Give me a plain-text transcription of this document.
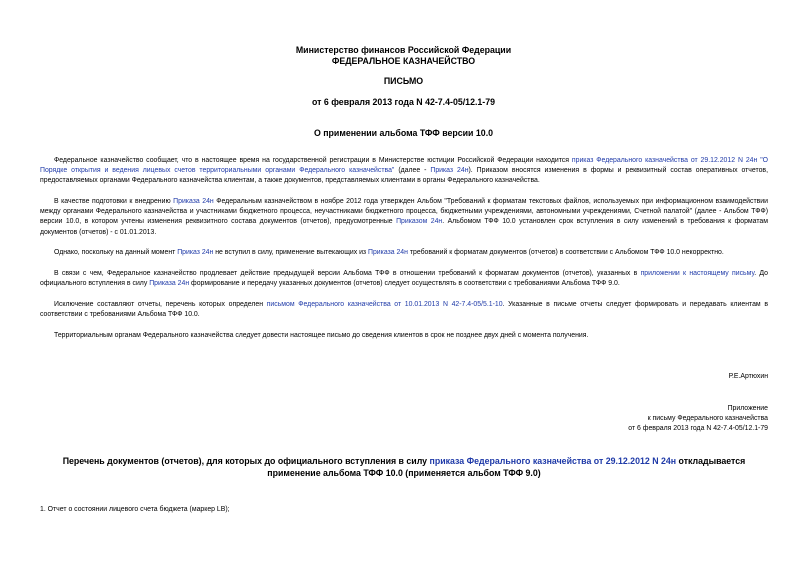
Министерство финансов Российской Федерации
ФЕДЕРАЛЬНОЕ КАЗНАЧЕЙСТВО
ПИСЬМО
от 6 февраля 2013 года N 42-7.4-05/12.1-79
О применении альбома ТФФ версии 10.0
Федеральное казначейство сообщает, что в настоящее время на государственной регистрации в Министерстве юстиции Российской Федерации находится приказ Федерального казначейства от 29.12.2012 N 24н "О Порядке открытия и ведения лицевых счетов территориальными органами Федерального казначейства" (далее - Приказ 24н). Приказом вносятся изменения в формы и реквизитный состав оперативных отчетов, предоставляемых органами Федерального казначейства клиентам, а также документов, представляемых клиентами в органы Федерального казначейства.
В качестве подготовки к внедрению Приказа 24н Федеральным казначейством в ноябре 2012 года утвержден Альбом "Требований к форматам текстовых файлов, используемых при информационном взаимодействии между органами Федерального казначейства и участниками бюджетного процесса, неучастниками бюджетного процесса, бюджетными учреждениями, автономными учреждениями, Счетной палатой" (далее - Альбом ТФФ) версии 10.0, в котором учтены изменения реквизитного состава документов (отчетов), предусмотренные Приказом 24н. Альбомом ТФФ 10.0 установлен срок вступления в силу изменений в требования к форматам документов (отчетов) - с 01.01.2013.
Однако, поскольку на данный момент Приказ 24н не вступил в силу, применение вытекающих из Приказа 24н требований к форматам документов (отчетов) в соответствии с Альбомом ТФФ 10.0 некорректно.
В связи с чем, Федеральное казначейство продлевает действие предыдущей версии Альбома ТФФ в отношении требований к форматам документов (отчетов), указанных в приложении к настоящему письму. До официального вступления в силу Приказа 24н формирование и передачу указанных документов (отчетов) следует осуществлять в соответствии с требованиями Альбома ТФФ 9.0.
Исключение составляют отчеты, перечень которых определен письмом Федерального казначейства от 10.01.2013 N 42-7.4-05/5.1-10. Указанные в письме отчеты следует формировать и передавать клиентам в соответствии с требованиями Альбома ТФФ 10.0.
Территориальным органам Федерального казначейства следует довести настоящее письмо до сведения клиентов в срок не позднее двух дней с момента получения.
Р.Е.Артюхин
Приложение
к письму Федерального казначейства
от 6 февраля 2013 года N 42-7.4-05/12.1-79
Перечень документов (отчетов), для которых до официального вступления в силу приказа Федерального казначейства от 29.12.2012 N 24н откладывается применение альбома ТФФ 10.0 (применяется альбом ТФФ 9.0)
1. Отчет о состоянии лицевого счета бюджета (маркер LB);
